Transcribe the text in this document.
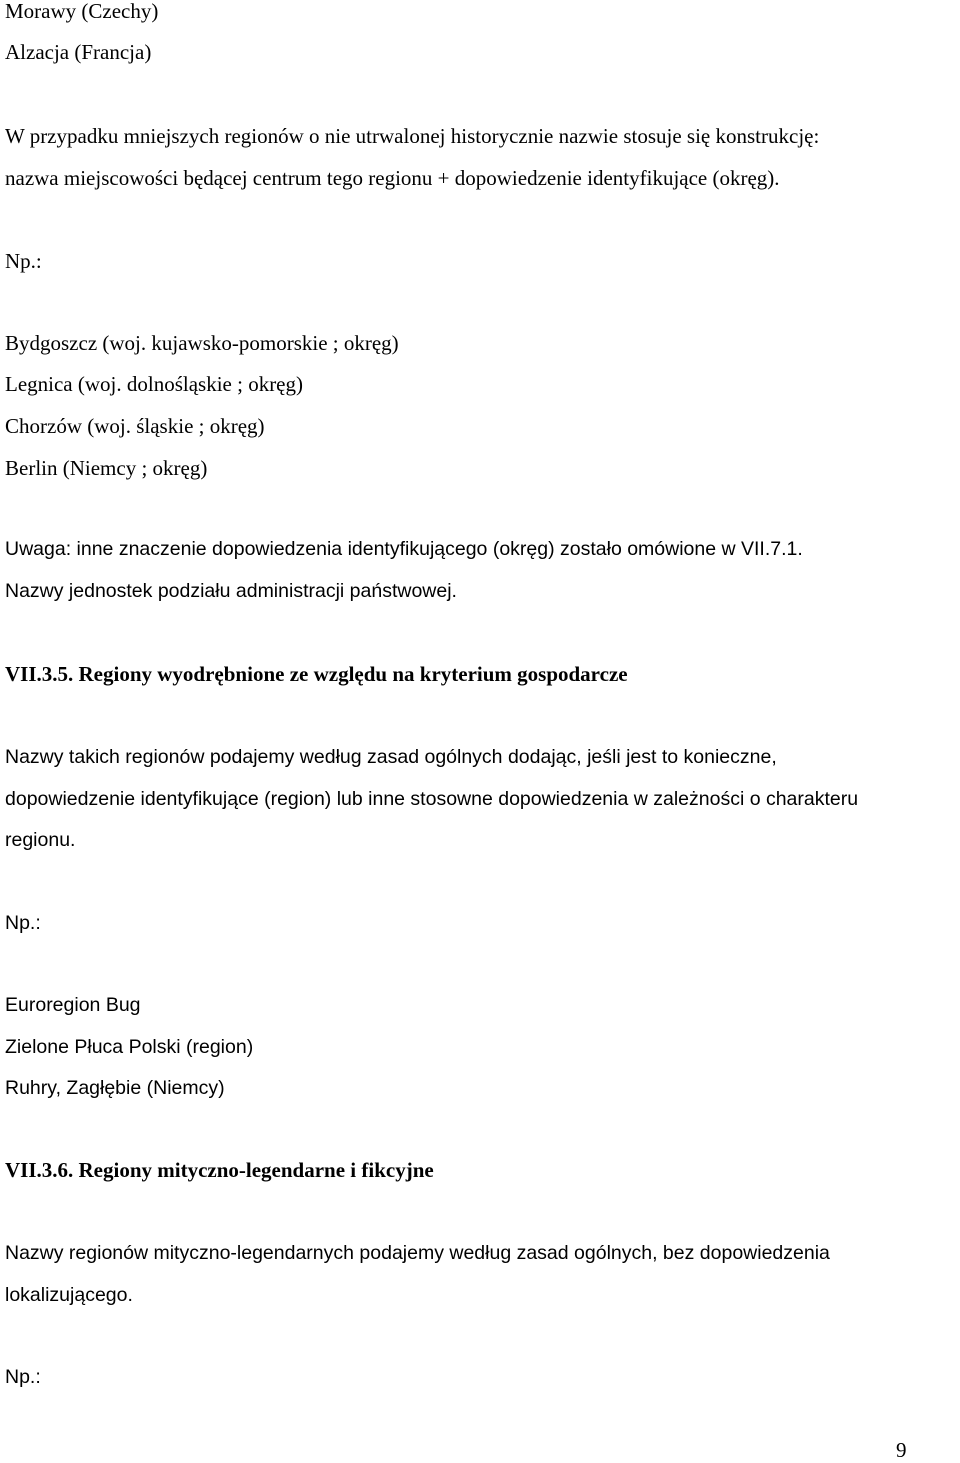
Morawy (Czechy)
Alzacja (Francja)
W przypadku mniejszych regionów o nie utrwalonej historycznie nazwie stosuje się konstrukcję:
nazwa miejscowości będącej centrum tego regionu + dopowiedzenie identyfikujące (okręg).
Np.:
Bydgoszcz (woj. kujawsko-pomorskie ; okręg)
Legnica (woj. dolnośląskie ; okręg)
Chorzów (woj. śląskie ; okręg)
Berlin (Niemcy ; okręg)
Uwaga: inne znaczenie dopowiedzenia identyfikującego (okręg) zostało omówione w VII.7.1.
Nazwy jednostek podziału administracji państwowej.
VII.3.5. Regiony wyodrębnione ze względu na kryterium gospodarcze
Nazwy takich regionów podajemy według zasad ogólnych dodając, jeśli jest to konieczne,
dopowiedzenie identyfikujące (region) lub inne stosowne dopowiedzenia w zależności o charakteru
regionu.
Np.:
Euroregion Bug
Zielone Płuca Polski (region)
Ruhry, Zagłębie (Niemcy)
VII.3.6. Regiony mityczno-legendarne i fikcyjne
Nazwy regionów mityczno-legendarnych podajemy według zasad ogólnych, bez dopowiedzenia
lokalizującego.
Np.:
9
